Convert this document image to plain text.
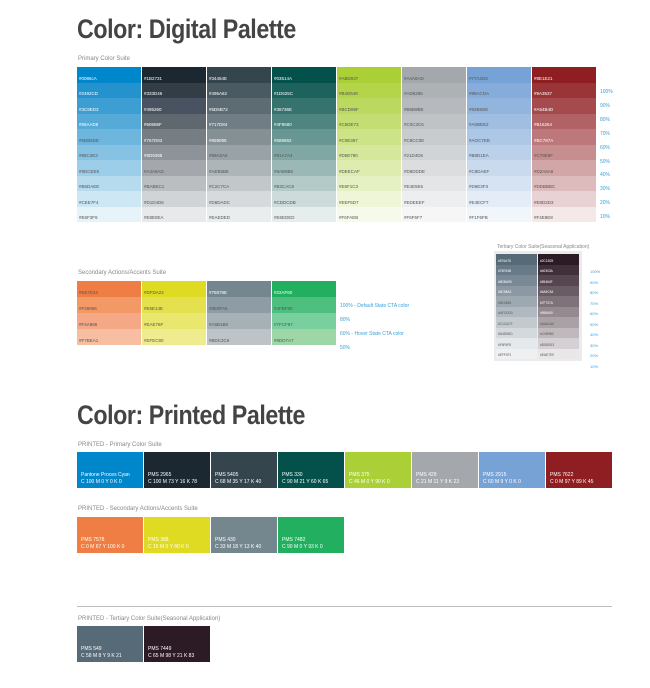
Color: Digital Palette
Primary Color Suite
#0086cA
#2492CD
#3C9ED3
#55AAD8
#6DB6DE
#85C2E3
#9DCEE9
#B6DAEE
#CEE7F4
#E6F3F9
#1B2731
#333D46
#495260
#60686F
#767D83
#8D9398
#A4A8AD
#BABEC1
#D1D4D6
#E8E9EA
#34454E
#495A62
#5D6B72
#717D84
#859095
#99A2A6
#AEB5B8
#C2C7CA
#D6DADC
#EAEDED
#03514A
#1D625C
#36736E
#4F8580
#689692
#81A7A4
#9AB9B6
#B3CAC8
#CDDCDB
#E6EDED
#ABD037
#B4D549
#BCD95F
#C5DE73
#C0E387
#D5E790
#DEECAF
#E6F1C3
#EEF6D7
#F6FAEB
#A4A8AD
#AD8285
#B6B9BE
#C0C3C6
#C8CC0E
#21D4D6
#D9DDDE
#E4E5E6
#EDEEEF
#F6F6F7
#77A2D6
#85ACDA
#92B5DE
#A0BEE2
#AOC7EB
#B8D1EA
#C9DAEF
#D6E3F3
#E4ECF7
#F1F6FB
#8E1E21
#9A3537
#A54B4D
#B16264
#BC787A
#C78E8F
#D2A5A6
#DDBBBC
#E8D2D3
#F4E8E8
100%
90%
80%
70%
60%
50%
40%
30%
20%
10%
Secondary Actions/Accents Suite
#EE7E43
#F29966
#F4A886
#F7BEA1
#DFDA22
#E5E14E
#EAE76F
#EFEC90
#75878E
#8E9FA5
#A6B1B6
#BDC3C6
#22AF60
#4FBF80
#7FCF97
#9DD7A7
100% - Default State CTA color
80%
60% - Hover State CTA color
50%
Tertiary Color Suite(Seasonal Application)
#576A78
#75E94B
#8DBA96
#8C98A3
#9EA8B1
#AFCDD0
#C1CACF
#D4D9DD
#F6F6F8
#EFF0F1
#2C1B25
#40303A
#55464F
#6A5C64
#7F737A
#958A90
#AAA1A6
#C0B9BC
#D5D0D3
#EAE7E9
100%
90%
80%
70%
60%
50%
40%
30%
20%
10%
Color: Printed Palette
PRINTED - Primary Color Suite
Pantone Proces Cyan
C 100 M 0 Y 0 K 0
PMS 2965
C 100 M 73 Y 16 K 78
PMS 5405
C 68 M 35 Y 17 K 40
PMS 330
C 90 M 21 Y 60 K 65
PMS 375
C 46 M 0 Y 90 K 0
PMS 429
C 21 M 11 Y 9 K 23
PMS 2915
C 60 M 9 Y 0 K 0
PMS 7622
C 0 M 97 Y 89 K 45
PRINTED - Secondary Actions/Accents Suite
PMS 7578
C 0 M 67 Y 100 K 0
PMS 388
C 15 M 0 Y 80 K 0
PMS 430
C 33 M 18 Y 13 K 40
PMS 7482
C 90 M 0 Y 93 K 0
PRINTED - Tertiary Color Suite(Seasonal Application)
PMS 549
C 58 M 8 Y 9 K 21
PMS 7449
C 65 M 98 Y 21 K 83
